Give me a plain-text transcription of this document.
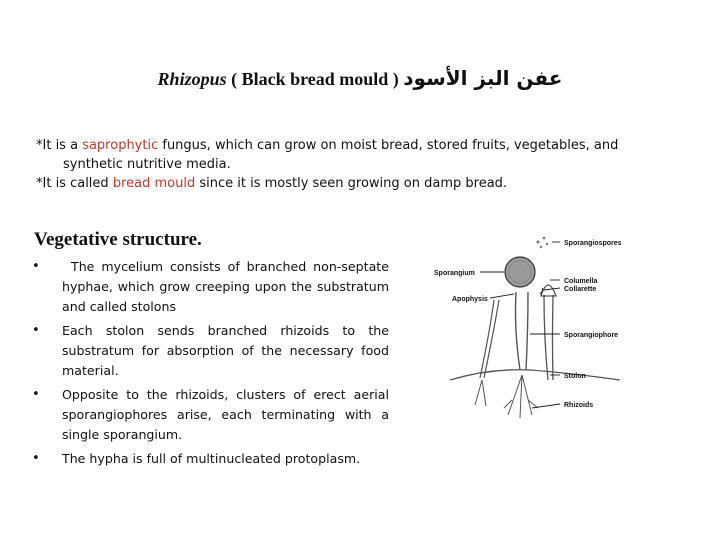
Rhizopus ( Black bread mould ) عفن البز الأسود

*It is a saprophytic fungus, which can grow on moist bread, stored fruits, vegetables, and

synthetic nutritive media.

*It is called bread mould since it is mostly seen growing on damp bread.

Vegetative structure.
•	The mycelium consists of branched non-septate hyphae, which grow creeping upon the substratum and called stolons
•	Each stolon sends branched rhizoids to the substratum for absorption of the necessary food material.
•	Opposite to the rhizoids, clusters of erect aerial sporangiophores arise, each terminating with a single sporangium.
•	The hypha is full of multinucleated protoplasm.
Sporangiospores
Sporangium
Columella
Collarette
Apophysis
Sporangiophore
Stolon
Rhizoids
